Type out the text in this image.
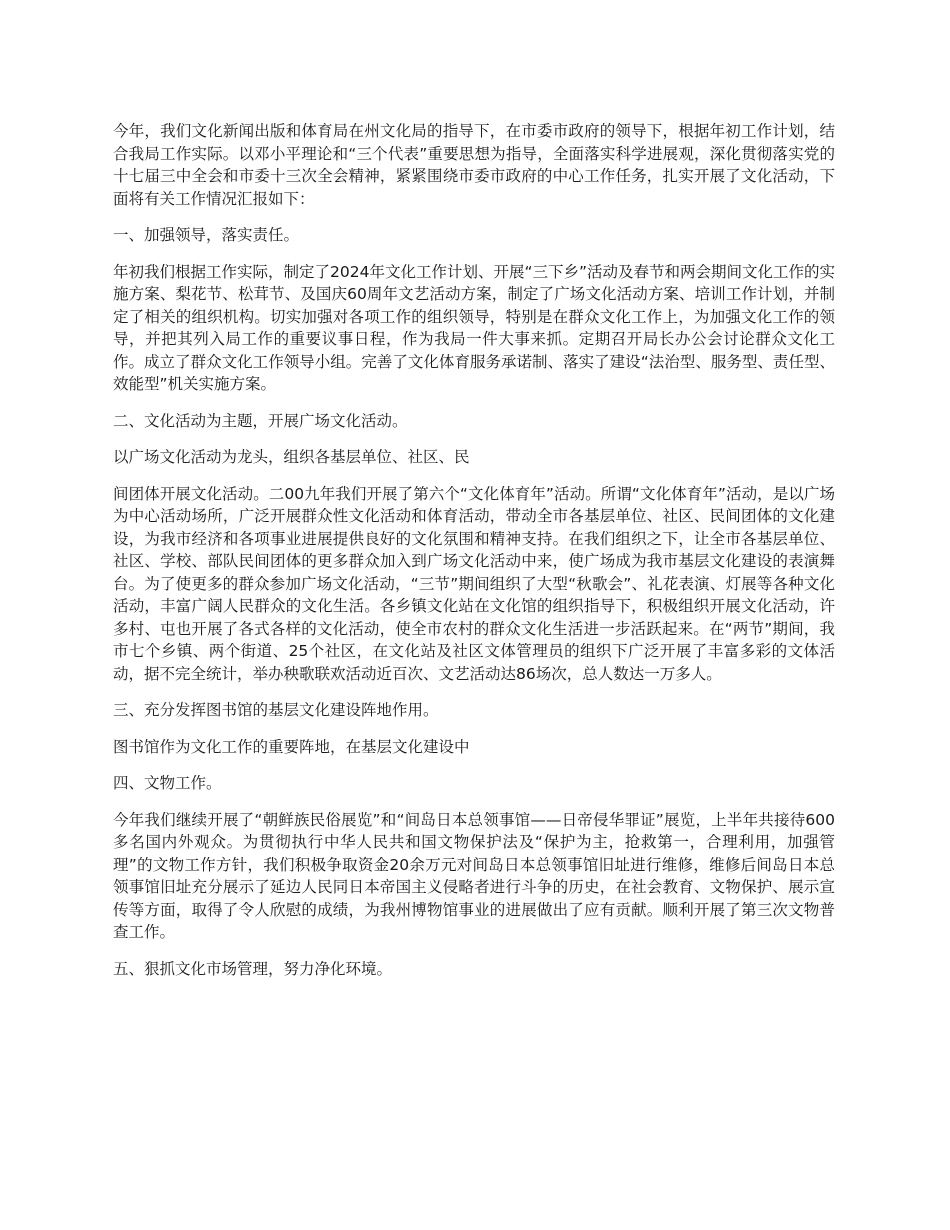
今年，我们文化新闻出版和体育局在州文化局的指导下，在市委市政府的领导下，根据年初工作计划，结合我局工作实际。以邓小平理论和“三个代表”重要思想为指导，全面落实科学进展观，深化贯彻落实党的十七届三中全会和市委十三次全会精神，紧紧围绕市委市政府的中心工作任务，扎实开展了文化活动，下面将有关工作情况汇报如下：

一、加强领导，落实责任。

年初我们根据工作实际，制定了2024年文化工作计划、开展“三下乡”活动及春节和两会期间文化工作的实施方案、梨花节、松茸节、及国庆60周年文艺活动方案，制定了广场文化活动方案、培训工作计划，并制定了相关的组织机构。切实加强对各项工作的组织领导，特别是在群众文化工作上，为加强文化工作的领导，并把其列入局工作的重要议事日程，作为我局一件大事来抓。定期召开局长办公会讨论群众文化工作。成立了群众文化工作领导小组。完善了文化体育服务承诺制、落实了建设“法治型、服务型、责任型、效能型”机关实施方案。

二、文化活动为主题，开展广场文化活动。

以广场文化活动为龙头，组织各基层单位、社区、民

间团体开展文化活动。二00九年我们开展了第六个“文化体育年”活动。所谓“文化体育年”活动，是以广场为中心活动场所，广泛开展群众性文化活动和体育活动，带动全市各基层单位、社区、民间团体的文化建设，为我市经济和各项事业进展提供良好的文化氛围和精神支持。在我们组织之下，让全市各基层单位、社区、学校、部队民间团体的更多群众加入到广场文化活动中来，使广场成为我市基层文化建设的表演舞台。为了使更多的群众参加广场文化活动，“三节”期间组织了大型“秋歌会”、礼花表演、灯展等各种文化活动，丰富广阔人民群众的文化生活。各乡镇文化站在文化馆的组织指导下，积极组织开展文化活动，许多村、屯也开展了各式各样的文化活动，使全市农村的群众文化生活进一步活跃起来。在“两节”期间，我市七个乡镇、两个街道、25个社区，在文化站及社区文体管理员的组织下广泛开展了丰富多彩的文体活动，据不完全统计，举办秧歌联欢活动近百次、文艺活动达86场次，总人数达一万多人。

三、充分发挥图书馆的基层文化建设阵地作用。

图书馆作为文化工作的重要阵地，在基层文化建设中

四、文物工作。

今年我们继续开展了“朝鲜族民俗展览”和“间岛日本总领事馆——日帝侵华罪证”展览，上半年共接待600多名国内外观众。为贯彻执行中华人民共和国文物保护法及“保护为主，抢救第一，合理利用，加强管理”的文物工作方针，我们积极争取资金20余万元对间岛日本总领事馆旧址进行维修，维修后间岛日本总领事馆旧址充分展示了延边人民同日本帝国主义侵略者进行斗争的历史，在社会教育、文物保护、展示宣传等方面，取得了令人欣慰的成绩，为我州博物馆事业的进展做出了应有贡献。顺利开展了第三次文物普查工作。

五、狠抓文化市场管理，努力净化环境。
